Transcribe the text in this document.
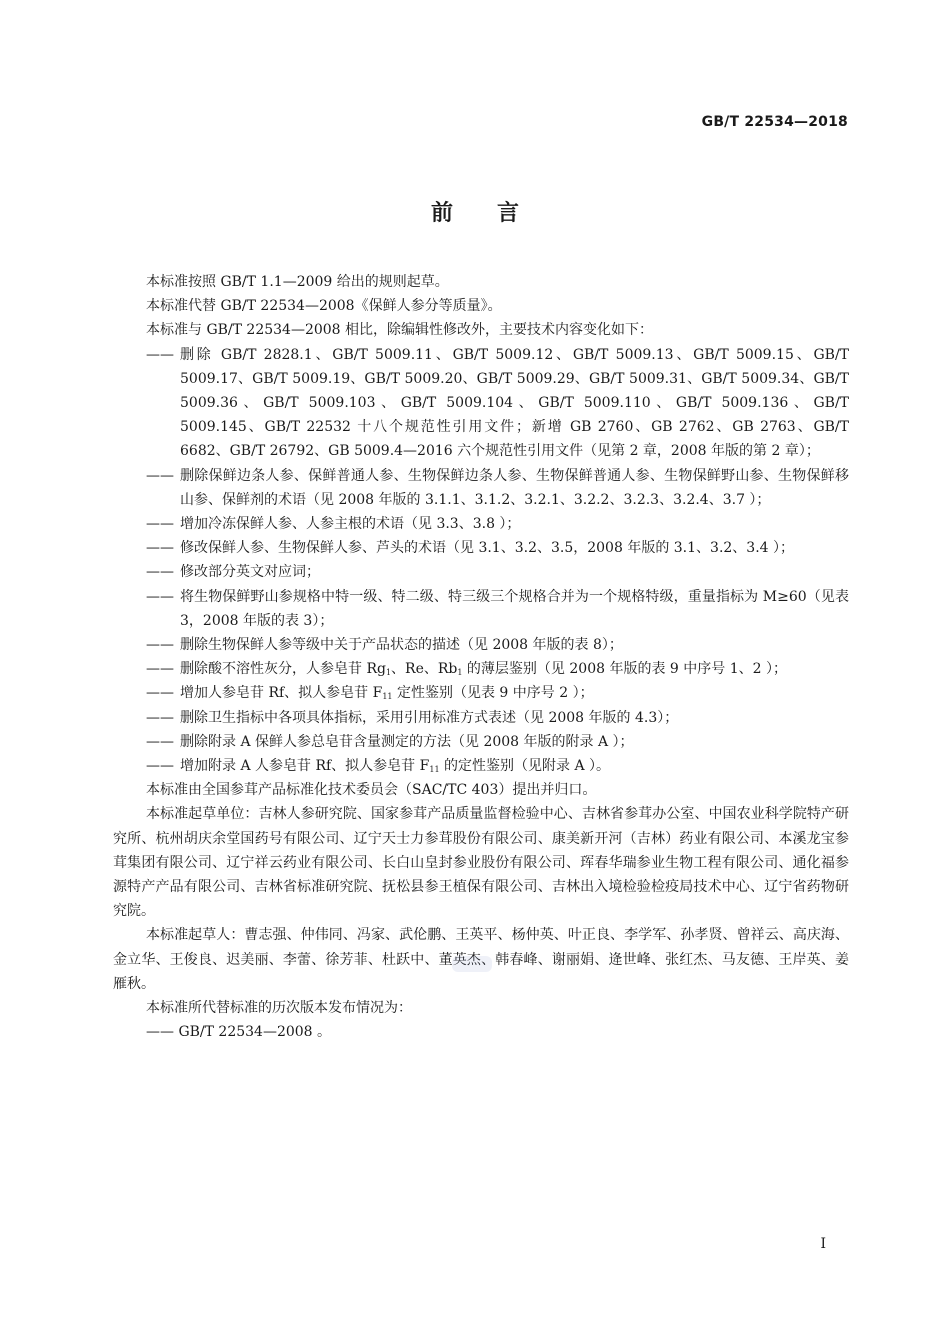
GB/T 22534—2018
前言

本标准按照 GB/T 1.1—2009 给出的规则起草。

本标准代替 GB/T 22534—2008《保鲜人参分等质量》。

本标准与 GB/T 22534—2008 相比，除编辑性修改外，主要技术内容变化如下：

—— 删除 GB/T 2828.1、GB/T 5009.11、GB/T 5009.12、GB/T 5009.13、GB/T 5009.15、GB/T 5009.17、GB/T 5009.19、GB/T 5009.20、GB/T 5009.29、GB/T 5009.31、GB/T 5009.34、GB/T 5009.36、GB/T 5009.103、GB/T 5009.104、GB/T 5009.110、GB/T 5009.136、GB/T 5009.145、GB/T 22532 十八个规范性引用文件；新增 GB 2760、GB 2762、GB 2763、GB/T 6682、GB/T 26792、GB 5009.4—2016 六个规范性引用文件（见第 2 章，2008 年版的第 2 章）；
—— 删除保鲜边条人参、保鲜普通人参、生物保鲜边条人参、生物保鲜普通人参、生物保鲜野山参、生物保鲜移山参、保鲜剂的术语（见 2008 年版的 3.1.1、3.1.2、3.2.1、3.2.2、3.2.3、3.2.4、3.7 ）；
—— 增加冷冻保鲜人参、人参主根的术语（见 3.3、3.8 ）；
—— 修改保鲜人参、生物保鲜人参、芦头的术语（见 3.1、3.2、3.5，2008 年版的 3.1、3.2、3.4 ）；
—— 修改部分英文对应词；
—— 将生物保鲜野山参规格中特一级、特二级、特三级三个规格合并为一个规格特级，重量指标为 M≥60（见表 3，2008 年版的表 3）；
—— 删除生物保鲜人参等级中关于产品状态的描述（见 2008 年版的表 8）；
—— 删除酸不溶性灰分，人参皂苷 $Rg_1$、Re、$Rb_1$ 的薄层鉴别（见 2008 年版的表 9 中序号 1、2 ）；
—— 增加人参皂苷 Rf、拟人参皂苷 $F_{11}$ 定性鉴别（见表 9 中序号 2 ）；
—— 删除卫生指标中各项具体指标，采用引用标准方式表述（见 2008 年版的 4.3）；
—— 删除附录 A 保鲜人参总皂苷含量测定的方法（见 2008 年版的附录 A ）；
—— 增加附录 A 人参皂苷 Rf、拟人参皂苷 $F_{11}$ 的定性鉴别（见附录 A ）。

本标准由全国参茸产品标准化技术委员会（SAC/TC 403）提出并归口。

本标准起草单位：吉林人参研究院、国家参茸产品质量监督检验中心、吉林省参茸办公室、中国农业科学院特产研究所、杭州胡庆余堂国药号有限公司、辽宁天士力参茸股份有限公司、康美新开河（吉林）药业有限公司、本溪龙宝参茸集团有限公司、辽宁祥云药业有限公司、长白山皇封参业股份有限公司、珲春华瑞参业生物工程有限公司、通化福参源特产产品有限公司、吉林省标准研究院、抚松县参王植保有限公司、吉林出入境检验检疫局技术中心、辽宁省药物研究院。

本标准起草人：曹志强、仲伟同、冯家、武伦鹏、王英平、杨仲英、叶正良、李学军、孙孝贤、曾祥云、高庆海、金立华、王俊良、迟美丽、李蕾、徐芳菲、杜跃中、董英杰、韩春峰、谢丽娟、逄世峰、张红杰、马友德、王岸英、姜雁秋。

本标准所代替标准的历次版本发布情况为：

—— GB/T 22534—2008 。

I
